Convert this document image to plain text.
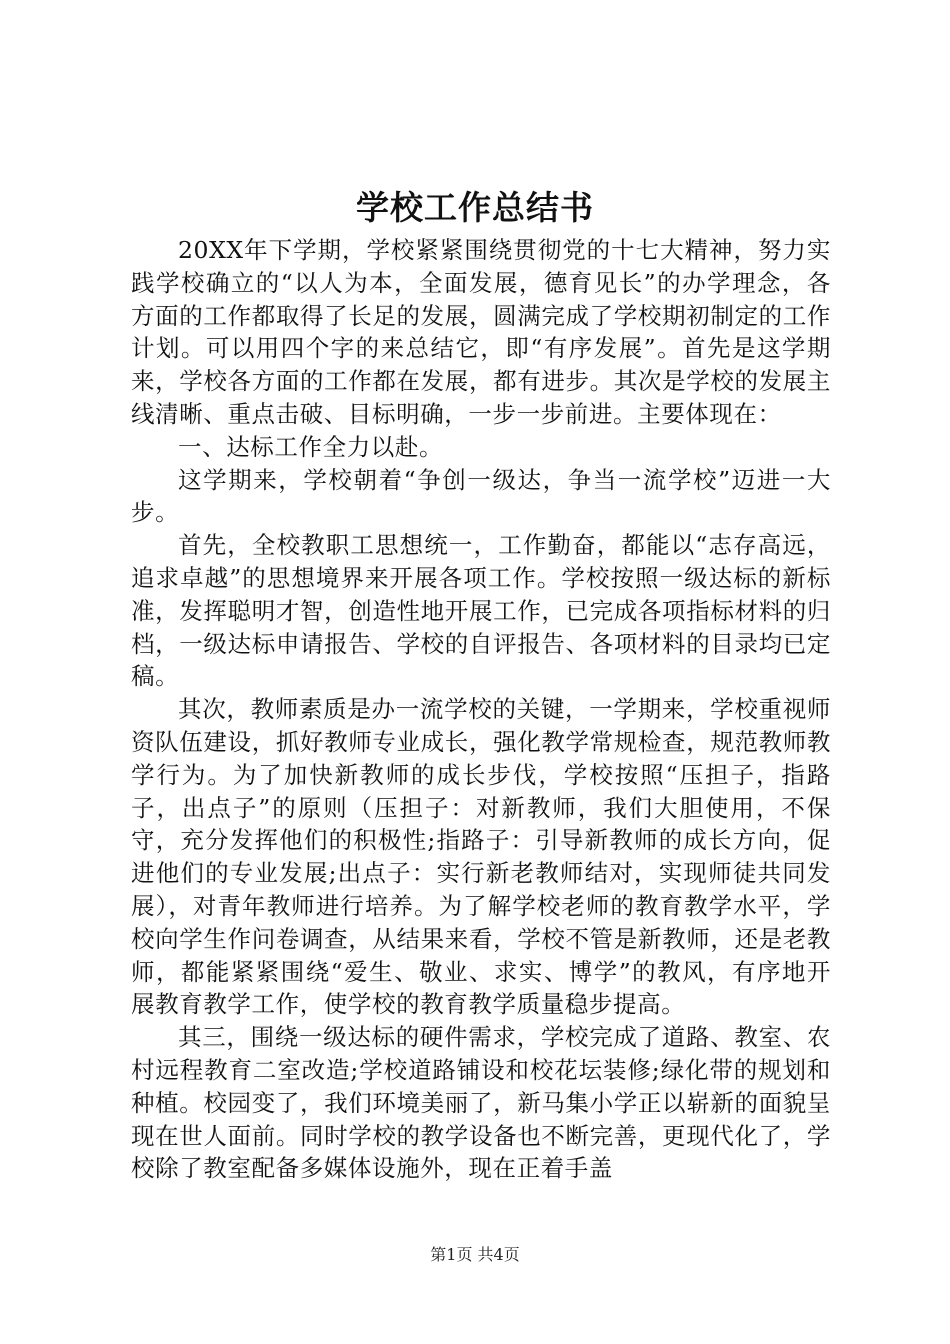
学校工作总结书

20XX年下学期，学校紧紧围绕贯彻党的十七大精神，努力实践学校确立的“以人为本，全面发展，德育见长”的办学理念，各方面的工作都取得了长足的发展，圆满完成了学校期初制定的工作计划。可以用四个字的来总结它，即“有序发展”。首先是这学期来，学校各方面的工作都在发展，都有进步。其次是学校的发展主线清晰、重点击破、目标明确，一步一步前进。主要体现在：

一、达标工作全力以赴。

这学期来，学校朝着“争创一级达，争当一流学校”迈进一大步。

首先，全校教职工思想统一，工作勤奋，都能以“志存高远，追求卓越”的思想境界来开展各项工作。学校按照一级达标的新标准，发挥聪明才智，创造性地开展工作，已完成各项指标材料的归档，一级达标申请报告、学校的自评报告、各项材料的目录均已定稿。

其次，教师素质是办一流学校的关键，一学期来，学校重视师资队伍建设，抓好教师专业成长，强化教学常规检查，规范教师教学行为。为了加快新教师的成长步伐，学校按照“压担子，指路子，出点子”的原则（压担子：对新教师，我们大胆使用，不保守，充分发挥他们的积极性;指路子：引导新教师的成长方向，促进他们的专业发展;出点子：实行新老教师结对，实现师徒共同发展），对青年教师进行培养。为了解学校老师的教育教学水平，学校向学生作问卷调查，从结果来看，学校不管是新教师，还是老教师，都能紧紧围绕“爱生、敬业、求实、博学”的教风，有序地开展教育教学工作，使学校的教育教学质量稳步提高。

其三，围绕一级达标的硬件需求，学校完成了道路、教室、农村远程教育二室改造;学校道路铺设和校花坛装修;绿化带的规划和种植。校园变了，我们环境美丽了，新马集小学正以崭新的面貌呈现在世人面前。同时学校的教学设备也不断完善，更现代化了，学校除了教室配备多媒体设施外，现在正着手盖

第1页 共4页
